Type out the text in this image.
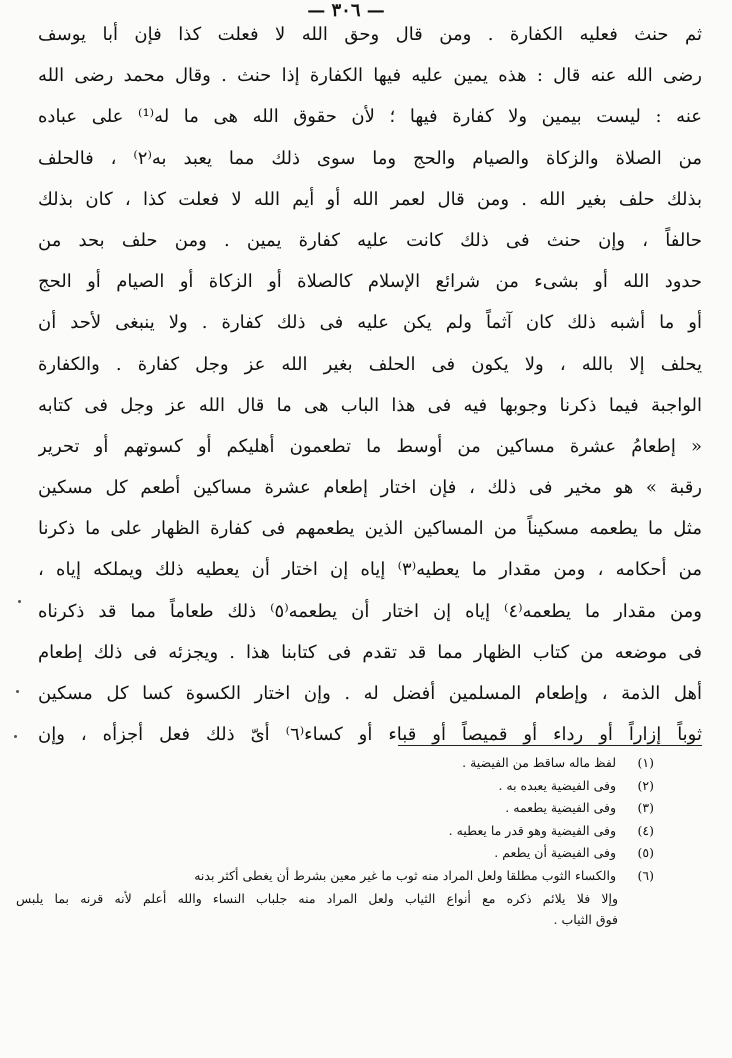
— ٣٠٦ —
ثم حنث فعليه الكفارة . ومن قال وحق الله لا فعلت كذا فإن أبا يوسف
رضى الله عنه قال : هذه يمين عليه فيها الكفارة إذا حنث . وقال محمد رضى الله
عنه : ليست بيمين ولا كفارة فيها ؛ لأن حقوق الله هى ما له⁽¹⁾ على عباده
من الصلاة والزكاة والصيام والحج وما سوى ذلك مما يعبد به⁽٢⁾ ، فالحلف
بذلك حلف بغير الله . ومن قال لعمر الله أو أيم الله لا فعلت كذا ، كان بذلك
حالفاً ، وإن حنث فى ذلك كانت عليه كفارة يمين . ومن حلف بحد من
حدود الله أو بشىء من شرائع الإسلام كالصلاة أو الزكاة أو الصيام أو الحج
أو ما أشبه ذلك كان آثماً ولم يكن عليه فى ذلك كفارة . ولا ينبغى لأحد أن
يحلف إلا بالله ، ولا يكون فى الحلف بغير الله عز وجل كفارة . والكفارة
الواجبة فيما ذكرنا وجوبها فيه فى هذا الباب هى ما قال الله عز وجل فى كتابه
« إطعامُ عشرة مساكين من أوسط ما تطعمون أهليكم أو كسوتهم أو تحرير
رقبة » هو مخير فى ذلك ، فإن اختار إطعام عشرة مساكين أطعم كل مسكين
مثل ما يطعمه مسكيناً من المساكين الذين يطعمهم فى كفارة الظهار على ما ذكرنا
من أحكامه ، ومن مقدار ما يعطيه⁽٣⁾ إياه إن اختار أن يعطيه ذلك ويملكه إياه ،
ومن مقدار ما يطعمه⁽٤⁾ إياه إن اختار أن يطعمه⁽٥⁾ ذلك طعاماً مما قد ذكرناه
فى موضعه من كتاب الظهار مما قد تقدم فى كتابنا هذا . ويجزئه فى ذلك إطعام
أهل الذمة ، وإطعام المسلمين أفضل له . وإن اختار الكسوة كسا كل مسكين
ثوباً إزاراً أو رداء أو قميصاً أو قباء أو كساء⁽٦⁾ أىّ ذلك فعل أجزأه ، وإن
(١) لفظ ماله ساقط من الفيضية .
(٢) وفى الفيضية يعبده به .
(٣) وفى الفيضية يطعمه .
(٤) وفى الفيضية وهو قدر ما يعطيه .
(٥) وفى الفيضية أن يطعم .
(٦) والكساء الثوب مطلقا ولعل المراد منه ثوب ما غير معين بشرط أن يغطى أكثر بدنه
وإلا فلا يلائم ذكره مع أنواع الثياب ولعل المراد منه جلباب النساء والله أعلم لأنه قرنه بما يلبس
فوق الثياب .
